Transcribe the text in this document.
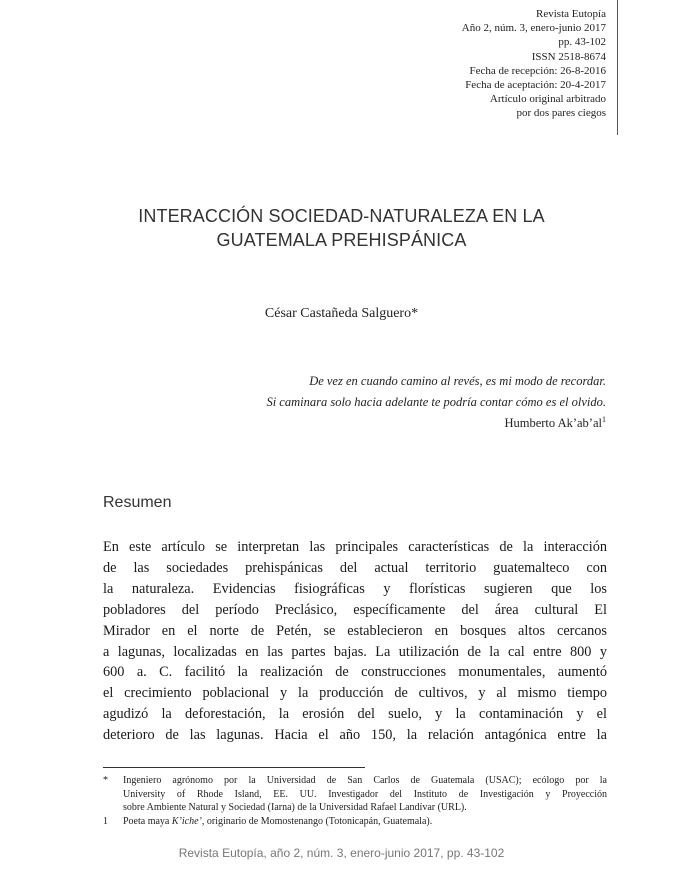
Revista Eutopía
Año 2, núm. 3, enero-junio 2017
pp. 43-102
ISSN 2518-8674
Fecha de recepción: 26-8-2016
Fecha de aceptación: 20-4-2017
Artículo original arbitrado
por dos pares ciegos
INTERACCIÓN SOCIEDAD-NATURALEZA EN LA
GUATEMALA PREHISPÁNICA
César Castañeda Salguero*
De vez en cuando camino al revés, es mi modo de recordar.
Si caminara solo hacia adelante te podría contar cómo es el olvido.
Humberto $Ak’ab’al^1$
Resumen
En este artículo se interpretan las principales características de la interacción
de las sociedades prehispánicas del actual territorio guatemalteco con
la naturaleza. Evidencias fisiográficas y florísticas sugieren que los
pobladores del período Preclásico, específicamente del área cultural El
Mirador en el norte de Petén, se establecieron en bosques altos cercanos
a lagunas, localizadas en las partes bajas. La utilización de la cal entre 800 y
600 a. C. facilitó la realización de construcciones monumentales, aumentó
el crecimiento poblacional y la producción de cultivos, y al mismo tiempo
agudizó la deforestación, la erosión del suelo, y la contaminación y el
deterioro de las lagunas. Hacia el año 150, la relación antagónica entre la
* Ingeniero agrónomo por la Universidad de San Carlos de Guatemala (USAC); ecólogo por la
University of Rhode Island, EE. UU. Investigador del Instituto de Investigación y Proyección
sobre Ambiente Natural y Sociedad (Iarna) de la Universidad Rafael Landívar (URL).
1 Poeta maya K’iche’, originario de Momostenango (Totonicapán, Guatemala).
Revista Eutopía, año 2, núm. 3, enero-junio 2017, pp. 43-102
